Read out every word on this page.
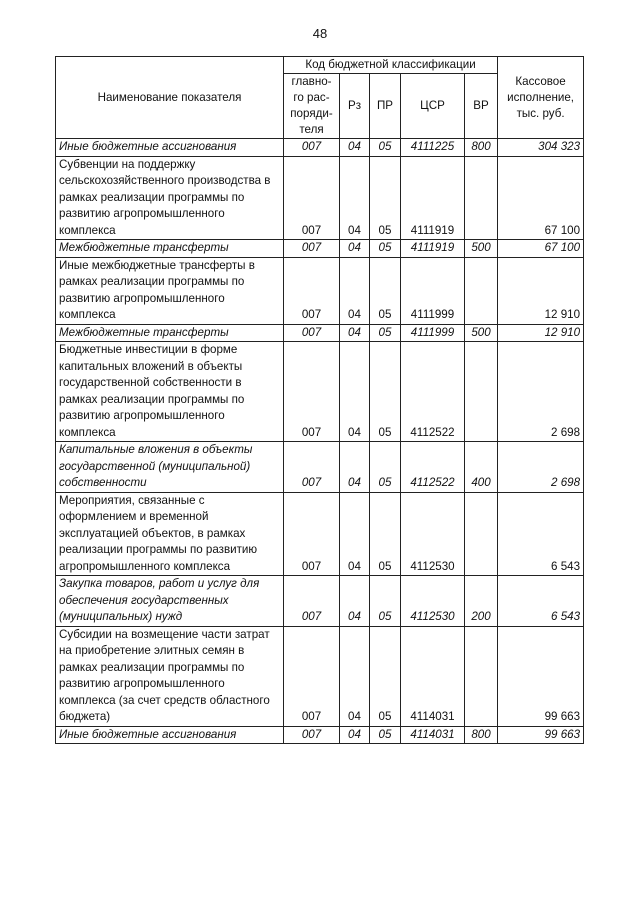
48
Наименование показателя	Код бюджетной классификации					Кассовое
исполнение,
тыс. руб.
	главно-
го рас-
поряди-
теля	Рз	ПР	ЦСР	ВР	
Иные бюджетные ассигнования	007	04	05	4111225	800	304 323
Субвенции на поддержку сельскохозяйственного производства в рамках реализации программы по развитию агропромышленного комплекса	007	04	05	4111919		67 100
Межбюджетные трансферты	007	04	05	4111919	500	67 100
Иные межбюджетные трансферты в рамках реализации программы по развитию агропромышленного комплекса	007	04	05	4111999		12 910
Межбюджетные трансферты	007	04	05	4111999	500	12 910
Бюджетные инвестиции в форме капитальных вложений в объекты государственной собственности в рамках реализации программы по развитию агропромышленного комплекса	007	04	05	4112522		2 698
Капитальные вложения в объекты государственной (муниципальной) собственности	007	04	05	4112522	400	2 698
Мероприятия, связанные с оформлением и временной эксплуатацией объектов, в рамках реализации программы по развитию агропромышленного комплекса	007	04	05	4112530		6 543
Закупка товаров, работ и услуг для обеспечения государственных (муниципальных) нужд	007	04	05	4112530	200	6 543
Субсидии на возмещение части затрат на приобретение элитных семян в рамках реализации программы по развитию агропромышленного комплекса (за счет средств областного бюджета)	007	04	05	4114031		99 663
Иные бюджетные ассигнования	007	04	05	4114031	800	99 663
